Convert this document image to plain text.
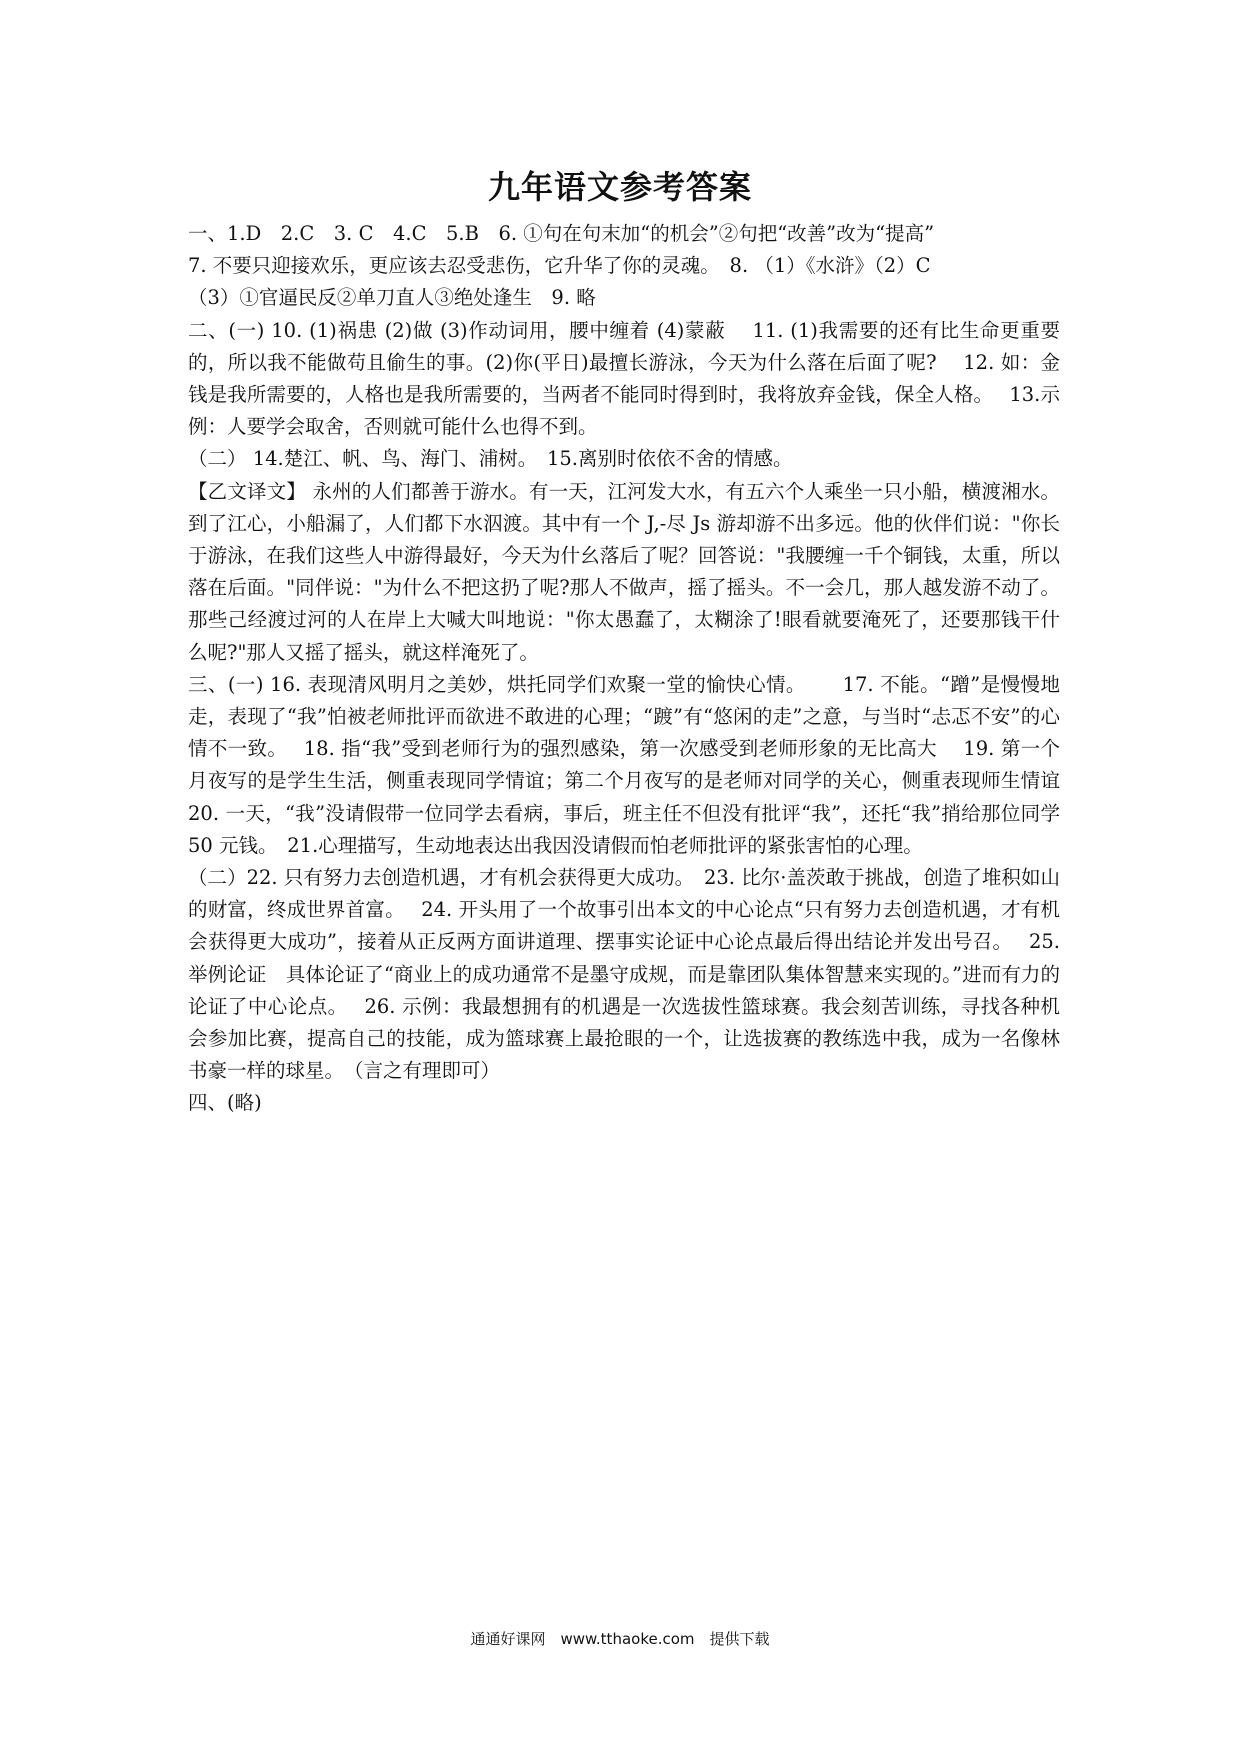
九年语文参考答案

一、1.D　2.C　3. C　4.C　5.B　6. ①句在句末加“的机会”②句把“改善”改为“提高”

7. 不要只迎接欢乐，更应该去忍受悲伤，它升华了你的灵魂。　8. （1）《水浒》（2）C

（3）①官逼民反②单刀直人③绝处逢生　9. 略

二、(一) 10. (1)祸患 (2)做 (3)作动词用，腰中缠着 (4)蒙蔽　 11. (1)我需要的还有比生命更重要的，所以我不能做苟且偷生的事。(2)你(平日)最擅长游泳，今天为什么落在后面了呢?　 12. 如：金钱是我所需要的，人格也是我所需要的，当两者不能同时得到时，我将放弃金钱，保全人格。　 13.示例：人要学会取舍，否则就可能什么也得不到。

（二） 14.楚江、帆、鸟、海门、浦树。　15.离别时依依不舍的情感。

【乙文译文】 永州的人们都善于游水。有一天，江河发大水，有五六个人乘坐一只小船，横渡湘水。到了江心，小船漏了，人们都下水泅渡。其中有一个 J,-尽 Js 游却游不出多远。他的伙伴们说："你长于游泳，在我们这些人中游得最好，今天为什幺落后了呢？回答说："我腰缠一千个铜钱，太重，所以落在后面。"同伴说："为什么不把这扔了呢?那人不做声，摇了摇头。不一会几，那人越发游不动了。那些己经渡过河的人在岸上大喊大叫地说："你太愚蠢了，太糊涂了!眼看就要淹死了，还要那钱干什么呢?"那人又摇了摇头，就这样淹死了。

三、(一) 16. 表现清风明月之美妙，烘托同学们欢聚一堂的愉快心情。　　 17. 不能。“蹭”是慢慢地走，表现了“我”怕被老师批评而欲进不敢进的心理；“踱”有“悠闲的走”之意，与当时“忐忑不安”的心情不一致。　 18. 指“我”受到老师行为的强烈感染，第一次感受到老师形象的无比高大　 19. 第一个月夜写的是学生生活，侧重表现同学情谊；第二个月夜写的是老师对同学的关心，侧重表现师生情谊　20. 一天，“我”没请假带一位同学去看病，事后，班主任不但没有批评“我”，还托“我”捎给那位同学 50 元钱。　21.心理描写，生动地表达出我因没请假而怕老师批评的紧张害怕的心理。

（二）22. 只有努力去创造机遇，才有机会获得更大成功。　23. 比尔·盖茨敢于挑战，创造了堆积如山的财富，终成世界首富。　 24. 开头用了一个故事引出本文的中心论点“只有努力去创造机遇，才有机会获得更大成功”，接着从正反两方面讲道理、摆事实论证中心论点最后得出结论并发出号召。　 25. 举例论证　具体论证了“商业上的成功通常不是墨守成规，而是靠团队集体智慧来实现的。”进而有力的论证了中心论点。　 26. 示例：我最想拥有的机遇是一次选拔性篮球赛。我会刻苦训练，寻找各种机会参加比赛，提高自己的技能，成为篮球赛上最抢眼的一个，让选拔赛的教练选中我，成为一名像林书豪一样的球星。　（言之有理即可）

四、(略)

通通好课网　www.tthaoke.com　提供下载
